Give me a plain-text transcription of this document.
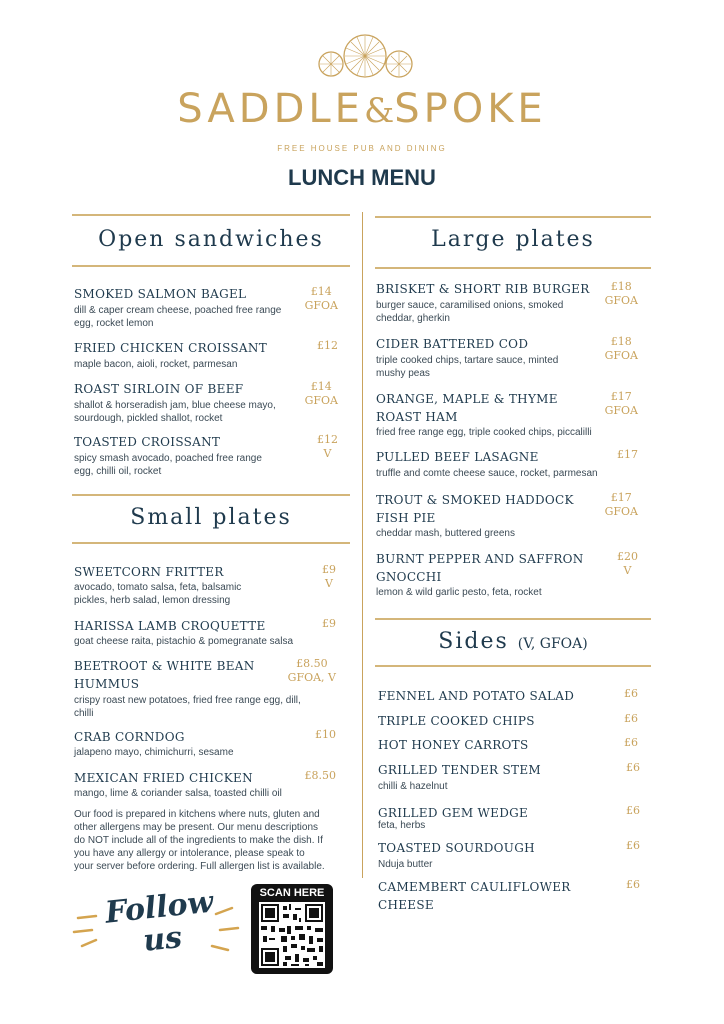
SADDLE&SPOKE
FREE HOUSE PUB AND DINING
LUNCH MENU
Open sandwiches
SMOKED SALMON BAGEL
dill & caper cream cheese, poached free range
egg, rocket lemon
£14
GFOA
FRIED CHICKEN CROISSANT
maple bacon, aioli, rocket, parmesan
£12
ROAST SIRLOIN OF BEEF
shallot & horseradish jam, blue cheese mayo,
sourdough, pickled shallot, rocket
£14
GFOA
TOASTED CROISSANT
spicy smash avocado, poached free range
egg, chilli oil, rocket
£12
V
Small plates
SWEETCORN FRITTER
avocado, tomato salsa, feta, balsamic
pickles, herb salad, lemon dressing
£9
V
HARISSA LAMB CROQUETTE
goat cheese raita, pistachio & pomegranate salsa
£9
BEETROOT & WHITE BEAN
HUMMUS
crispy roast new potatoes, fried free range egg, dill,
chilli
£8.50
GFOA, V
CRAB CORNDOG
jalapeno mayo, chimichurri, sesame
£10
MEXICAN FRIED CHICKEN
mango, lime & coriander salsa, toasted chilli oil
£8.50
Our food is prepared in kitchens where nuts, gluten and
other allergens may be present. Our menu descriptions
do NOT include all of the ingredients to make the dish. If
you have any allergy or intolerance, please speak to
your server before ordering. Full allergen list is available.
Follow
us
SCAN HERE
Large plates
BRISKET & SHORT RIB BURGER
burger sauce, caramilised onions, smoked
cheddar, gherkin
£18
GFOA
CIDER BATTERED COD
triple cooked chips, tartare sauce, minted
mushy peas
£18
GFOA
ORANGE, MAPLE & THYME
ROAST HAM
fried free range egg, triple cooked chips, piccalilli
£17
GFOA
PULLED BEEF LASAGNE
truffle and comte cheese sauce, rocket, parmesan
£17
TROUT & SMOKED HADDOCK
FISH PIE
cheddar mash, buttered greens
£17
GFOA
BURNT PEPPER AND SAFFRON
GNOCCHI
lemon & wild garlic pesto, feta, rocket
£20
V
Sides (V, GFOA)
FENNEL AND POTATO SALAD	£6
TRIPLE COOKED CHIPS	£6
HOT HONEY CARROTS	£6
GRILLED TENDER STEM
chilli & hazelnut
£6
GRILLED GEM WEDGE
feta, herbs
£6
TOASTED SOURDOUGH
Nduja butter
£6
CAMEMBERT CAULIFLOWER
CHEESE
£6
